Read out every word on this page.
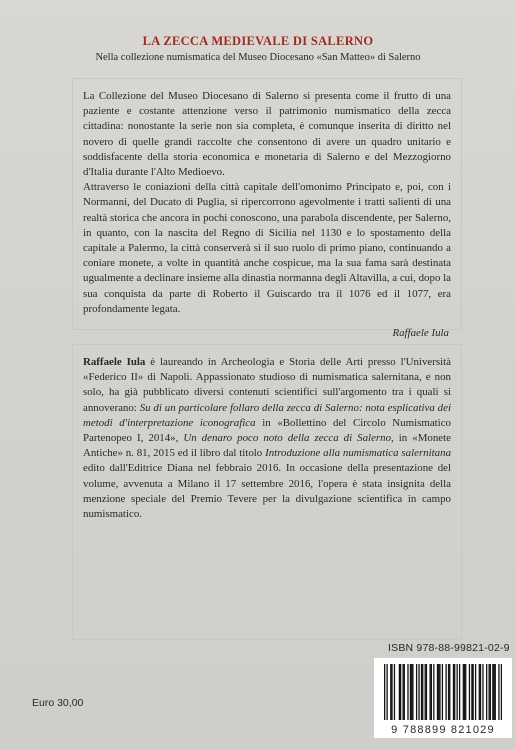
LA ZECCA MEDIEVALE DI SALERNO
Nella collezione numismatica del Museo Diocesano «San Matteo» di Salerno

La Collezione del Museo Diocesano di Salerno si presenta come il frutto di una paziente e costante attenzione verso il patrimonio numismatico della zecca cittadina: nonostante la serie non sia completa, è comunque inserita di diritto nel novero di quelle grandi raccolte che consentono di avere un quadro unitario e soddisfacente della storia economica e monetaria di Salerno e del Mezzogiorno d'Italia durante l'Alto Medioevo.

Attraverso le coniazioni della città capitale dell'omonimo Principato e, poi, con i Normanni, del Ducato di Puglia, si ripercorrono agevolmente i tratti salienti di una realtà storica che ancora in pochi conoscono, una parabola discendente, per Salerno, in quanto, con la nascita del Regno di Sicilia nel 1130 e lo spostamento della capitale a Palermo, la città conserverà sì il suo ruolo di primo piano, continuando a coniare monete, a volte in quantità anche cospicue, ma la sua fama sarà destinata ugualmente a declinare insieme alla dinastia normanna degli Altavilla, a cui, dopo la sua conquista da parte di Roberto il Guiscardo tra il 1076 ed il 1077, era profondamente legata.

Raffaele Iula

Raffaele Iula è laureando in Archeologia e Storia delle Arti presso l'Università «Federico II» di Napoli. Appassionato studioso di numismatica salernitana, e non solo, ha già pubblicato diversi contenuti scientifici sull'argomento tra i quali si annoverano: Su di un particolare follaro della zecca di Salerno: nota esplicativa dei metodi d'interpretazione iconografica in «Bollettino del Circolo Numismatico Partenopeo I, 2014», Un denaro poco noto della zecca di Salerno, in «Monete Antiche» n. 81, 2015 ed il libro dal titolo Introduzione alla numismatica salernitana edito dall'Editrice Diana nel febbraio 2016. In occasione della presentazione del volume, avvenuta a Milano il 17 settembre 2016, l'opera è stata insignita della menzione speciale del Premio Tevere per la divulgazione scientifica in campo numismatico.

ISBN 978-88-99821-02-9
9 788899 821029
Euro 30,00
